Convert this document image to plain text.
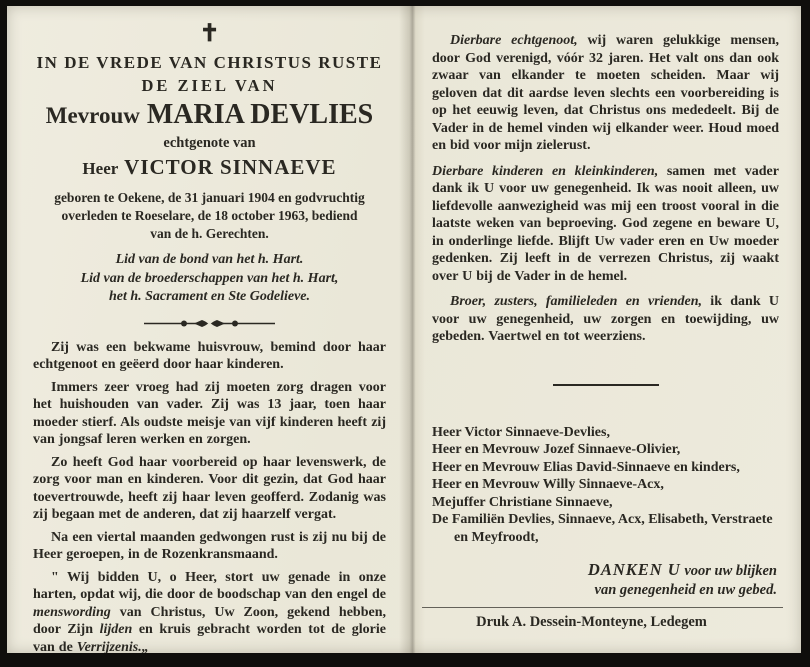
✝
IN DE VREDE VAN CHRISTUS RUSTE
DE ZIEL VAN
Mevrouw MARIA DEVLIES
echtgenote van
Heer VICTOR SINNAEVE
geboren te Oekene, de 31 januari 1904 en godvruchtig
overleden te Roeselare, de 18 october 1963, bediend
van de h. Gerechten.
Lid van de bond van het h. Hart.
Lid van de broederschappen van het h. Hart,
het h. Sacrament en Ste Godelieve.

Zij was een bekwame huisvrouw, bemind door haar echtgenoot en geëerd door haar kinderen.

Immers zeer vroeg had zij moeten zorg dragen voor het huishouden van vader. Zij was 13 jaar, toen haar moeder stierf. Als oudste meisje van vijf kinderen heeft zij van jongsaf leren werken en zorgen.

Zo heeft God haar voorbereid op haar levenswerk, de zorg voor man en kinderen. Voor dit gezin, dat God haar toevertrouwde, heeft zij haar leven geofferd. Zodanig was zij begaan met de anderen, dat zij haarzelf vergat.

Na een viertal maanden gedwongen rust is zij nu bij de Heer geroepen, in de Rozenkransmaand.

" Wij bidden U, o Heer, stort uw genade in onze harten, opdat wij, die door de boodschap van den engel de menswording van Christus, Uw Zoon, gekend hebben, door Zijn lijden en kruis gebracht worden tot de glorie van de Verrijzenis.„

Dierbare echtgenoot, wij waren gelukkige mensen, door God verenigd, vóór 32 jaren. Het valt ons dan ook zwaar van elkander te moeten scheiden. Maar wij geloven dat dit aardse leven slechts een voorbereiding is op het eeuwig leven, dat Christus ons mededeelt. Bij de Vader in de hemel vinden wij elkander weer. Houd moed en bid voor mijn zielerust.

Dierbare kinderen en kleinkinderen, samen met vader dank ik U voor uw genegenheid. Ik was nooit alleen, uw liefdevolle aanwezigheid was mij een troost vooral in die laatste weken van beproeving. God zegene en beware U, in onderlinge liefde. Blijft Uw vader eren en Uw moeder gedenken. Zij leeft in de verrezen Christus, zij waakt over U bij de Vader in de hemel.

Broer, zusters, familieleden en vrienden, ik dank U voor uw genegenheid, uw zorgen en toewijding, uw gebeden. Vaertwel en tot weerziens.

Heer Victor Sinnaeve-Devlies,
Heer en Mevrouw Jozef Sinnaeve-Olivier,
Heer en Mevrouw Elias David-Sinnaeve en kinders,
Heer en Mevrouw Willy Sinnaeve-Acx,
Mejuffer Christiane Sinnaeve,
De Familiën Devlies, Sinnaeve, Acx, Elisabeth, Verstraete en Meyfroodt,
DANKEN U voor uw blijken
van genegenheid en uw gebed.
Druk A. Dessein-Monteyne, Ledegem
